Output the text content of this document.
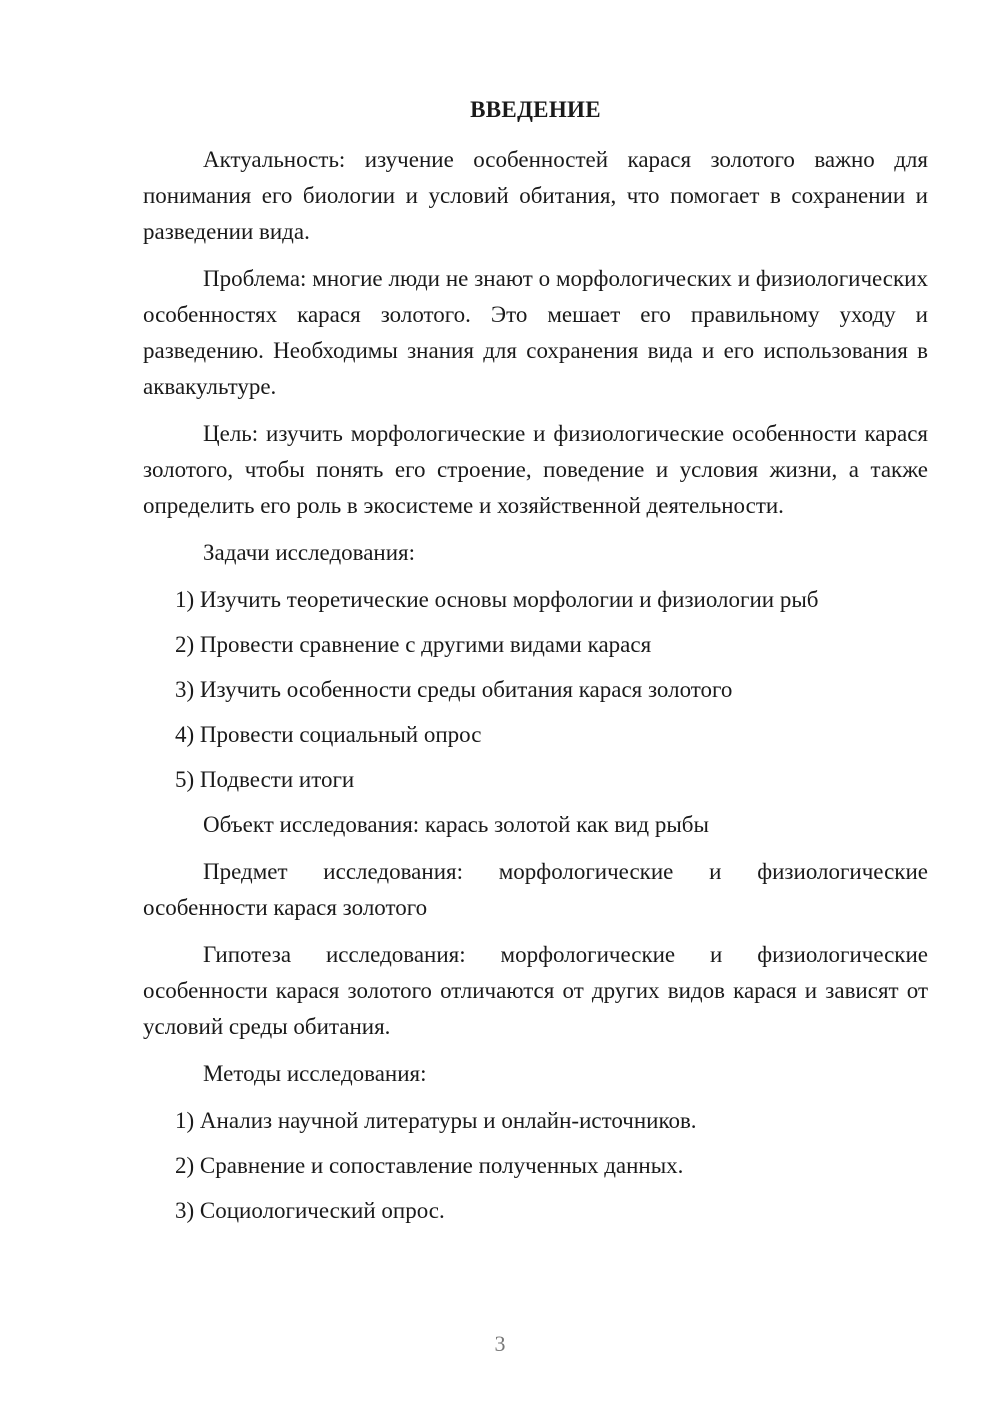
ВВЕДЕНИЕ

Актуальность: изучение особенностей карася золотого важно для понимания его биологии и условий обитания, что помогает в сохранении и разведении вида.

Проблема: многие люди не знают о морфологических и физиологических особенностях карася золотого. Это мешает его правильному уходу и разведению. Необходимы знания для сохранения вида и его использования в аквакультуре.

Цель: изучить морфологические и физиологические особенности карася золотого, чтобы понять его строение, поведение и условия жизни, а также определить его роль в экосистеме и хозяйственной деятельности.

Задачи исследования:

1) Изучить теоретические основы морфологии и физиологии рыб
2) Провести сравнение с другими видами карася
3) Изучить особенности среды обитания карася золотого
4) Провести социальный опрос
5) Подвести итоги

Объект исследования: карась золотой как вид рыбы

Предмет исследования: морфологические и физиологические особенности карася золотого

Гипотеза исследования: морфологические и физиологические особенности карася золотого отличаются от других видов карася и зависят от условий среды обитания.

Методы исследования:

1) Анализ научной литературы и онлайн-источников.
2) Сравнение и сопоставление полученных данных.
3) Социологический опрос.
3
